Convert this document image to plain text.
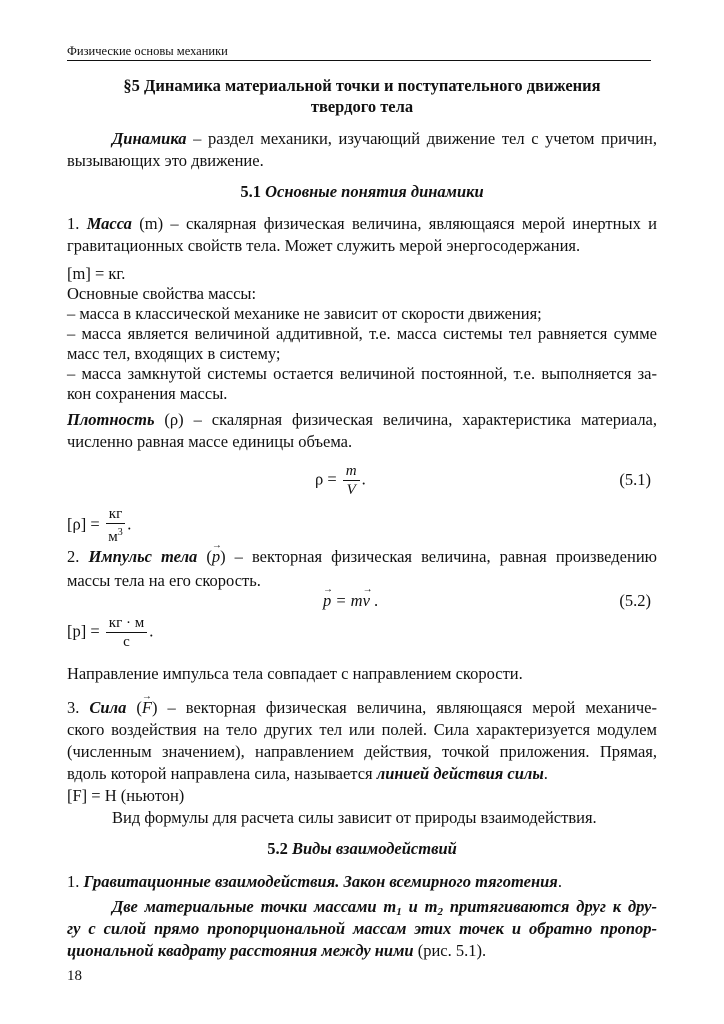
Физические основы механики
§5 Динамика материальной точки и поступательного движения
твердого тела
Динамика – раздел механики, изучающий движение тел с учетом причин,
вызывающих это движение.
5.1 Основные понятия динамики
1. Масса (m) – скалярная физическая величина, являющаяся мерой инертных и
гравитационных свойств тела. Может служить мерой энергосодержания.
[m] = кг.
Основные свойства массы:
– масса в классической механике не зависит от скорости движения;
– масса является величиной аддитивной, т.е. масса системы тел равняется сумме
масс тел, входящих в систему;
– масса замкнутой системы остается величиной постоянной, т.е. выполняется за-
кон сохранения массы.
Плотность (ρ) – скалярная физическая величина, характеристика материала,
численно равная массе единицы объема.
$\rho = \frac{m}{V}$ .	(5.1)
$[\rho] = \frac{кг}{м^3}$ .
2. Импульс тела (→ p) – векторная физическая величина, равная произведению
массы тела на его скорость.
→ p = m→ v .	(5.2)
$[p] = \frac{кг \cdot м}{с}$ .
Направление импульса тела совпадает с направлением скорости.
3. Сила (→ F) – векторная физическая величина, являющаяся мерой механиче-
ского воздействия на тело других тел или полей. Сила характеризуется модулем
(численным значением), направлением действия, точкой приложения. Прямая,
вдоль которой направлена сила, называется линией действия силы.
[F] = Н (ньютон)
Вид формулы для расчета силы зависит от природы взаимодействия.
5.2 Виды взаимодействий
1. Гравитационные взаимодействия. Закон всемирного тяготения.
Две материальные точки массами $m_1$ и $m_2$ притягиваются друг к дру-
гу с силой прямо пропорциональной массам этих точек и обратно пропор-
циональной квадрату расстояния между ними (рис. 5.1).
18
